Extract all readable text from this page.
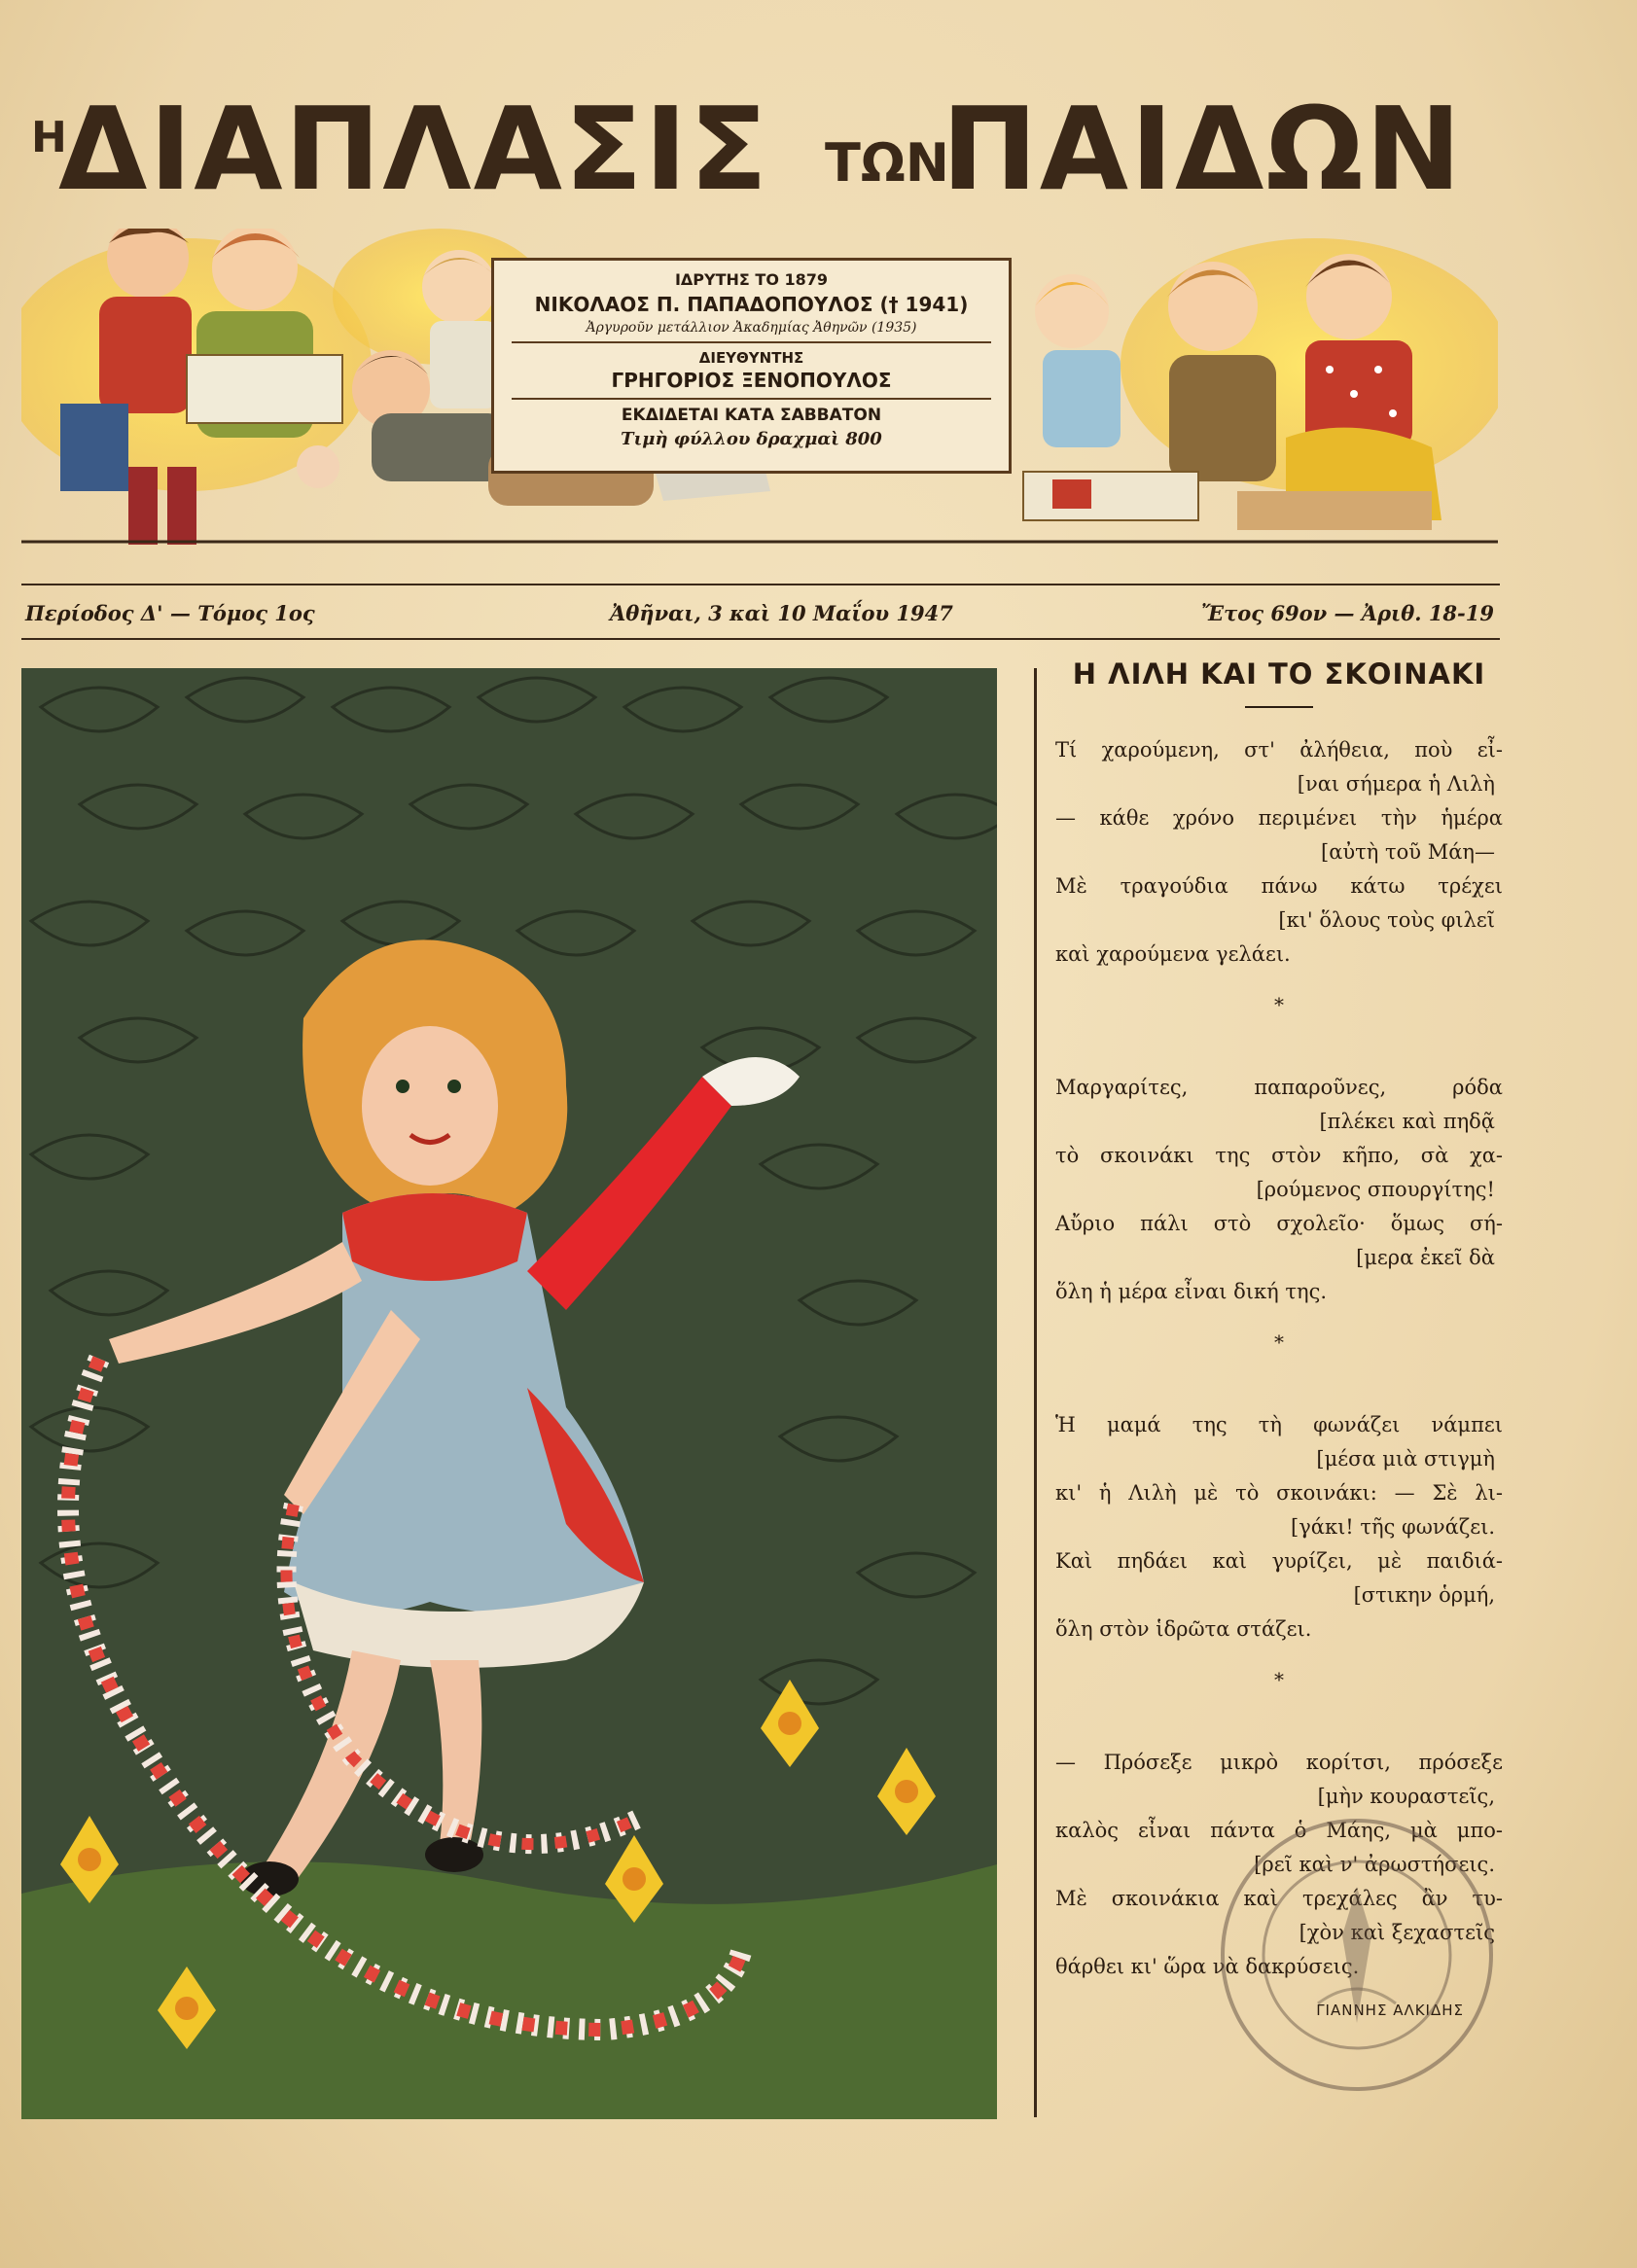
Η
ΔΙΑΠΛΑΣΙΣ ΤΩΝ
ΠΑΙΔΩΝ
ΙΔΡΥΤΗΣ ΤΟ 1879
ΝΙΚΟΛΑΟΣ Π. ΠΑΠΑΔΟΠΟΥΛΟΣ († 1941)
Ἀργυροῦν μετάλλιον Ἀκαδημίας Ἀθηνῶν (1935)
ΔΙΕΥΘΥΝΤΗΣ
ΓΡΗΓΟΡΙΟΣ ΞΕΝΟΠΟΥΛΟΣ
ΕΚΔΙΔΕΤΑΙ ΚΑΤΑ ΣΑΒΒΑΤΟΝ
Τιμὴ φύλλου δραχμαὶ 800
Περίοδος Δ' — Τόμος 1ος	Ἀθῆναι, 3 καὶ 10 Μαΐου 1947	Ἔτος 69ον — Ἀριθ. 18-19
Η ΛΙΛΗ ΚΑΙ ΤΟ ΣΚΟΙΝΑΚΙ
Τί χαρούμενη, στ' ἀλήθεια, ποὺ εἶ-
[ναι σήμερα ἡ Λιλὴ
— κάθε χρόνο περιμένει τὴν ἡμέρα
[αὐτὴ τοῦ Μάη—
Μὲ τραγούδια πάνω κάτω τρέχει
[κι' ὅλους τοὺς φιλεῖ
καὶ χαρούμενα γελάει.
*
Μαργαρίτες, παπαροῦνες, ρόδα
[πλέκει καὶ πηδᾷ
τὸ σκοινάκι της στὸν κῆπο, σὰ χα-
[ρούμενος σπουργίτης!
Αὔριο πάλι στὸ σχολεῖο· ὅμως σή-
[μερα ἐκεῖ δὰ
ὅλη ἡ μέρα εἶναι δική της.
*
Ἡ μαμά της τὴ φωνάζει νάμπει
[μέσα μιὰ στιγμὴ
κι' ἡ Λιλὴ μὲ τὸ σκοινάκι: — Σὲ λι-
[γάκι! τῆς φωνάζει.
Καὶ πηδάει καὶ γυρίζει, μὲ παιδιά-
[στικην ὁρμή,
ὅλη στὸν ἱδρῶτα στάζει.
*
— Πρόσεξε μικρὸ κορίτσι, πρόσεξε
[μὴν κουραστεῖς,
καλὸς εἶναι πάντα ὁ Μάης, μὰ μπο-
[ρεῖ καὶ ν' ἀρωστήσεις.
Μὲ σκοινάκια καὶ τρεχάλες ἂν τυ-
[χὸν καὶ ξεχαστεῖς
θάρθει κι' ὥρα νὰ δακρύσεις.
ΓΙΑΝΝΗΣ ΑΛΚΙΔΗΣ
